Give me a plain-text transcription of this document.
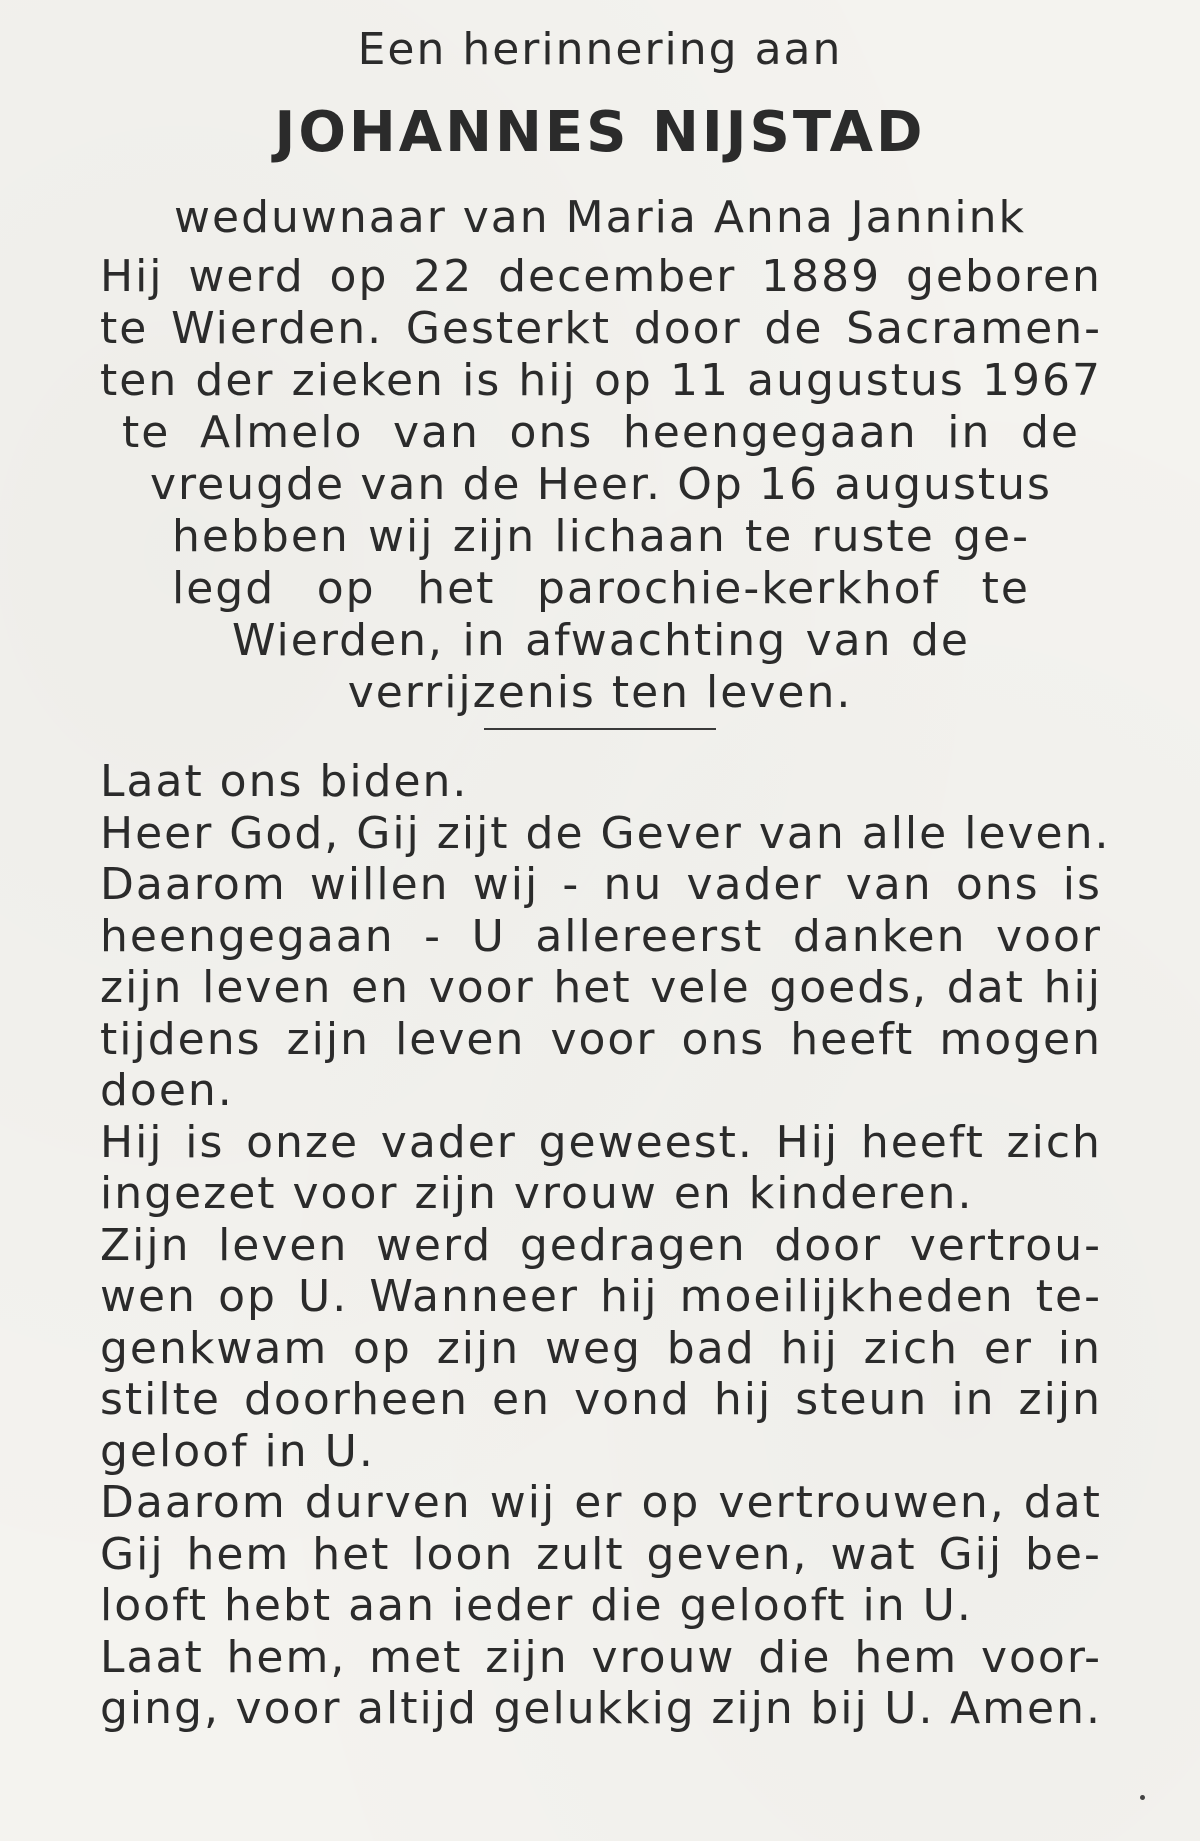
Een herinnering aan
JOHANNES NIJSTAD
weduwnaar van Maria Anna Jannink
Hij werd op 22 december 1889 geboren
te Wierden. Gesterkt door de Sacramen-
ten der zieken is hij op 11 augustus 1967
te Almelo van ons heengegaan in de
vreugde van de Heer. Op 16 augustus
hebben wij zijn lichaan te ruste ge-
legd op het parochie-kerkhof te
Wierden, in afwachting van de
verrijzenis ten leven.
Laat ons biden.
Heer God, Gij zijt de Gever van alle leven.
Daarom willen wij - nu vader van ons is
heengegaan - U allereerst danken voor
zijn leven en voor het vele goeds, dat hij
tijdens zijn leven voor ons heeft mogen
doen.
Hij is onze vader geweest. Hij heeft zich
ingezet voor zijn vrouw en kinderen.
Zijn leven werd gedragen door vertrou-
wen op U. Wanneer hij moeilijkheden te-
genkwam op zijn weg bad hij zich er in
stilte doorheen en vond hij steun in zijn
geloof in U.
Daarom durven wij er op vertrouwen, dat
Gij hem het loon zult geven, wat Gij be-
looft hebt aan ieder die gelooft in U.
Laat hem, met zijn vrouw die hem voor-
ging, voor altijd gelukkig zijn bij U. Amen.
